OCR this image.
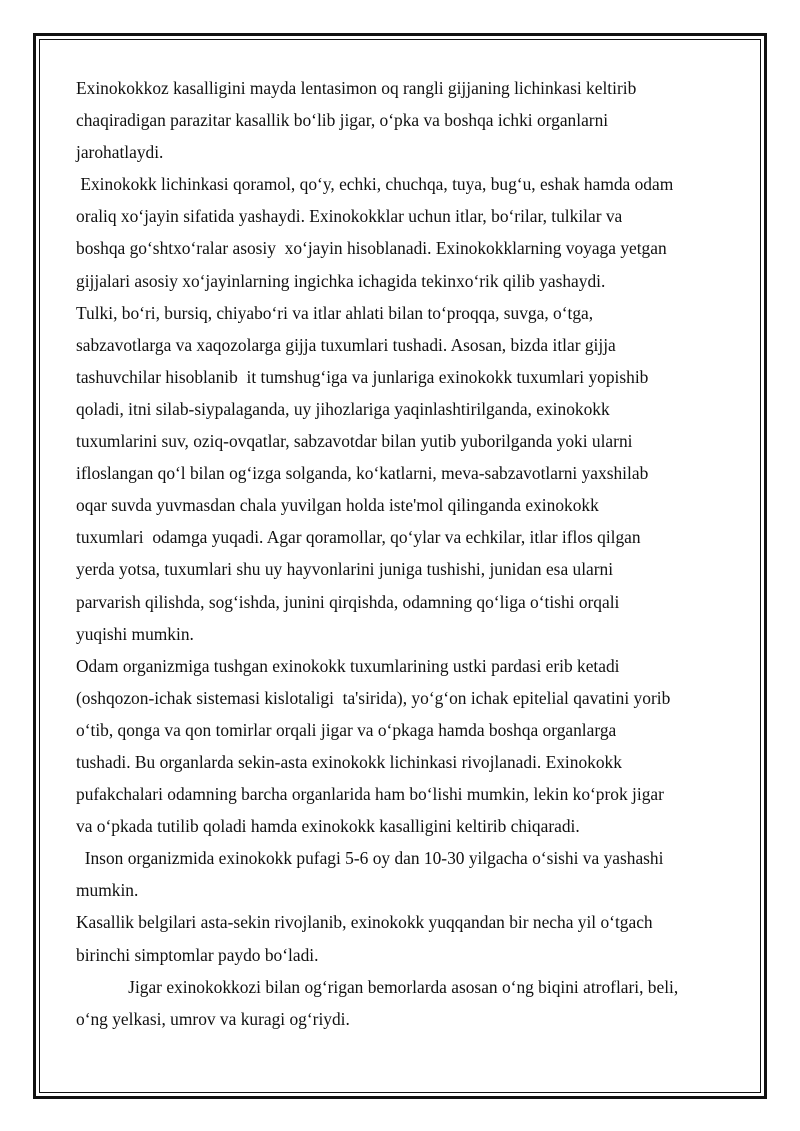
Exinokokkoz kasalligini mayda lentasimon oq rangli gijjaning lichinkasi keltirib
chaqiradigan parazitar kasallik bo‘lib jigar, o‘pka va boshqa ichki organlarni
jarohatlaydi.
Exinokokk lichinkasi qoramol, qo‘y, echki, chuchqa, tuya, bug‘u, eshak hamda odam
oraliq xo‘jayin sifatida yashaydi. Exinokokklar uchun itlar, bo‘rilar, tulkilar va
boshqa go‘shtxo‘ralar asosiy  xo‘jayin hisoblanadi. Exinokokklarning voyaga yetgan
gijjalari asosiy xo‘jayinlarning ingichka ichagida tekinxo‘rik qilib yashaydi.
Tulki, bo‘ri, bursiq, chiyabo‘ri va itlar ahlati bilan to‘proqqa, suvga, o‘tga,
sabzavotlarga va xaqozolarga gijja tuxumlari tushadi. Asosan, bizda itlar gijja
tashuvchilar hisoblanib  it tumshug‘iga va junlariga exinokokk tuxumlari yopishib
qoladi, itni silab-siypalaganda, uy jihozlariga yaqinlashtirilganda, exinokokk
tuxumlarini suv, oziq-ovqatlar, sabzavotdar bilan yutib yuborilganda yoki ularni
ifloslangan qo‘l bilan og‘izga solganda, ko‘katlarni, meva-sabzavotlarni yaxshilab
oqar suvda yuvmasdan chala yuvilgan holda iste'mol qilinganda exinokokk
tuxumlari  odamga yuqadi. Agar qoramollar, qo‘ylar va echkilar, itlar iflos qilgan
yerda yotsa, tuxumlari shu uy hayvonlarini juniga tushishi, junidan esa ularni
parvarish qilishda, sog‘ishda, junini qirqishda, odamning qo‘liga o‘tishi orqali
yuqishi mumkin.
Odam organizmiga tushgan exinokokk tuxumlarining ustki pardasi erib ketadi
(oshqozon-ichak sistemasi kislotaligi  ta'sirida), yo‘g‘on ichak epitelial qavatini yorib
o‘tib, qonga va qon tomirlar orqali jigar va o‘pkaga hamda boshqa organlarga
tushadi. Bu organlarda sekin-asta exinokokk lichinkasi rivojlanadi. Exinokokk
pufakchalari odamning barcha organlarida ham bo‘lishi mumkin, lekin ko‘prok jigar
va o‘pkada tutilib qoladi hamda exinokokk kasalligini keltirib chiqaradi.
Inson organizmida exinokokk pufagi 5-6 oy dan 10-30 yilgacha o‘sishi va yashashi
mumkin.
Kasallik belgilari asta-sekin rivojlanib, exinokokk yuqqandan bir necha yil o‘tgach
birinchi simptomlar paydo bo‘ladi.
Jigar exinokokkozi bilan og‘rigan bemorlarda asosan o‘ng biqini atroflari, beli,
o‘ng yelkasi, umrov va kuragi og‘riydi.
